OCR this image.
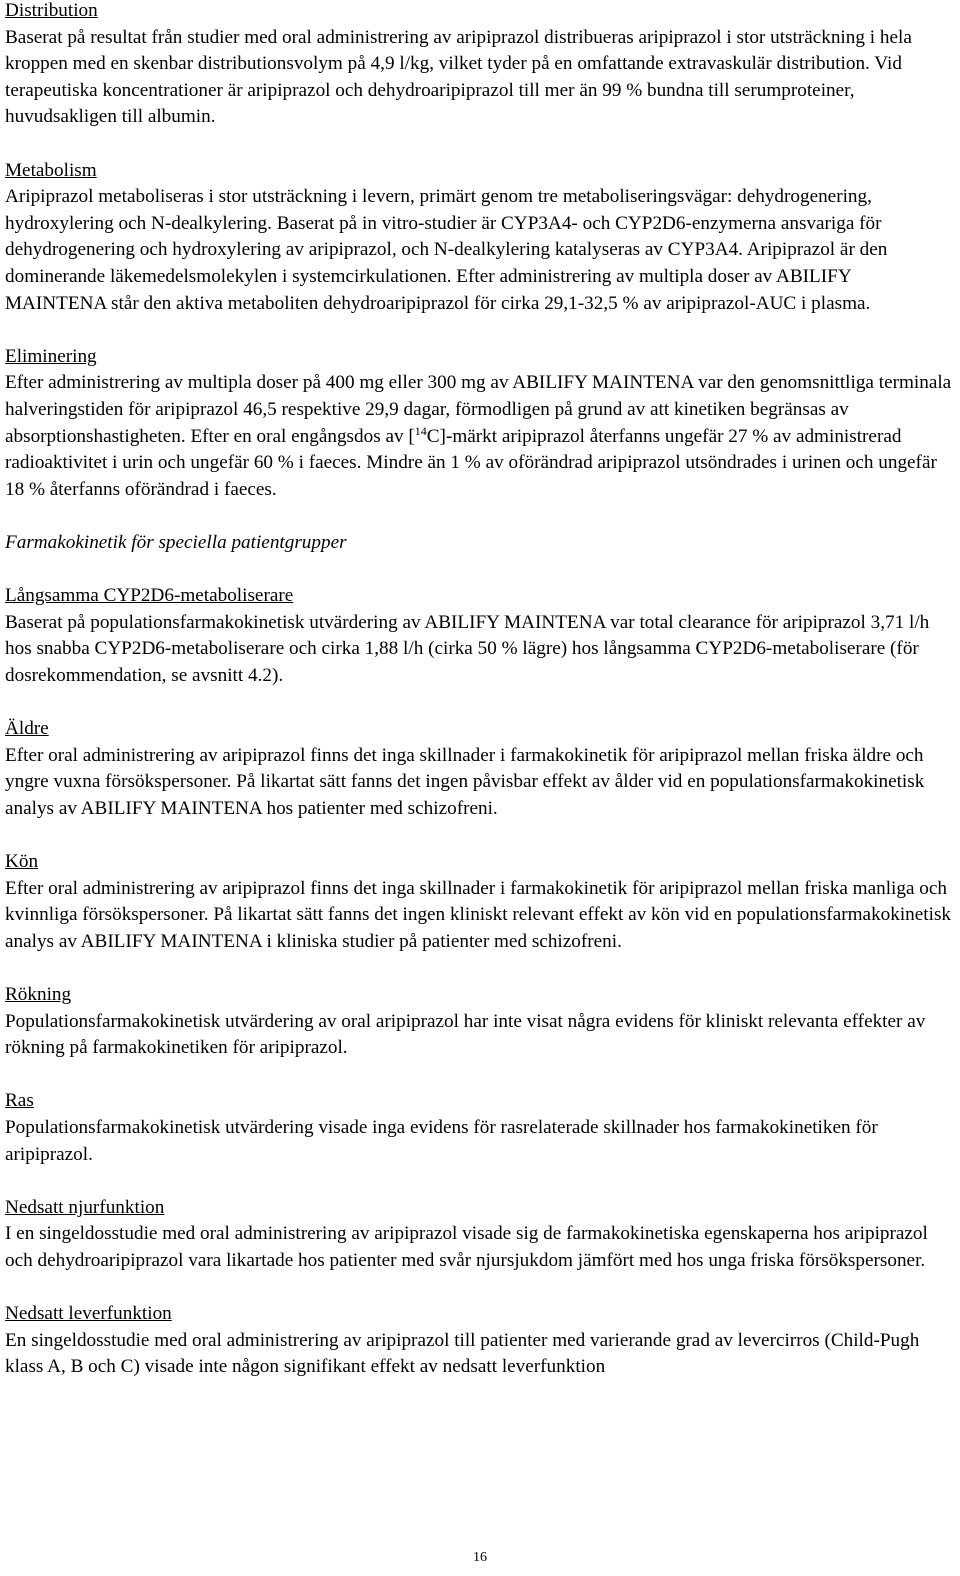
Distribution

Baserat på resultat från studier med oral administrering av aripiprazol distribueras aripiprazol i stor utsträckning i hela kroppen med en skenbar distributionsvolym på 4,9 l/kg, vilket tyder på en omfattande extravaskulär distribution. Vid terapeutiska koncentrationer är aripiprazol och dehydroaripiprazol till mer än 99 % bundna till serumproteiner, huvudsakligen till albumin.

Metabolism

Aripiprazol metaboliseras i stor utsträckning i levern, primärt genom tre metaboliseringsvägar: dehydrogenering, hydroxylering och N-dealkylering. Baserat på in vitro-studier är CYP3A4- och CYP2D6-enzymerna ansvariga för dehydrogenering och hydroxylering av aripiprazol, och N-dealkylering katalyseras av CYP3A4. Aripiprazol är den dominerande läkemedelsmolekylen i systemcirkulationen. Efter administrering av multipla doser av ABILIFY MAINTENA står den aktiva metaboliten dehydroaripiprazol för cirka 29,1-32,5 % av aripiprazol-AUC i plasma.

Eliminering

Efter administrering av multipla doser på 400 mg eller 300 mg av ABILIFY MAINTENA var den genomsnittliga terminala halveringstiden för aripiprazol 46,5 respektive 29,9 dagar, förmodligen på grund av att kinetiken begränsas av absorptionshastigheten. Efter en oral engångsdos av [$^{14}$C]-märkt aripiprazol återfanns ungefär 27 % av administrerad radioaktivitet i urin och ungefär 60 % i faeces. Mindre än 1 % av oförändrad aripiprazol utsöndrades i urinen och ungefär 18 % återfanns oförändrad i faeces.

Farmakokinetik för speciella patientgrupper

Långsamma CYP2D6-metaboliserare

Baserat på populationsfarmakokinetisk utvärdering av ABILIFY MAINTENA var total clearance för aripiprazol 3,71 l/h hos snabba CYP2D6-metaboliserare och cirka 1,88 l/h (cirka 50 % lägre) hos långsamma CYP2D6-metaboliserare (för dosrekommendation, se avsnitt 4.2).

Äldre

Efter oral administrering av aripiprazol finns det inga skillnader i farmakokinetik för aripiprazol mellan friska äldre och yngre vuxna försökspersoner. På likartat sätt fanns det ingen påvisbar effekt av ålder vid en populationsfarmakokinetisk analys av ABILIFY MAINTENA hos patienter med schizofreni.

Kön

Efter oral administrering av aripiprazol finns det inga skillnader i farmakokinetik för aripiprazol mellan friska manliga och kvinnliga försökspersoner. På likartat sätt fanns det ingen kliniskt relevant effekt av kön vid en populationsfarmakokinetisk analys av ABILIFY MAINTENA i kliniska studier på patienter med schizofreni.

Rökning

Populationsfarmakokinetisk utvärdering av oral aripiprazol har inte visat några evidens för kliniskt relevanta effekter av rökning på farmakokinetiken för aripiprazol.

Ras

Populationsfarmakokinetisk utvärdering visade inga evidens för rasrelaterade skillnader hos farmakokinetiken för aripiprazol.

Nedsatt njurfunktion

I en singeldosstudie med oral administrering av aripiprazol visade sig de farmakokinetiska egenskaperna hos aripiprazol och dehydroaripiprazol vara likartade hos patienter med svår njursjukdom jämfört med hos unga friska försökspersoner.

Nedsatt leverfunktion

En singeldosstudie med oral administrering av aripiprazol till patienter med varierande grad av levercirros (Child-Pugh klass A, B och C) visade inte någon signifikant effekt av nedsatt leverfunktion

16
